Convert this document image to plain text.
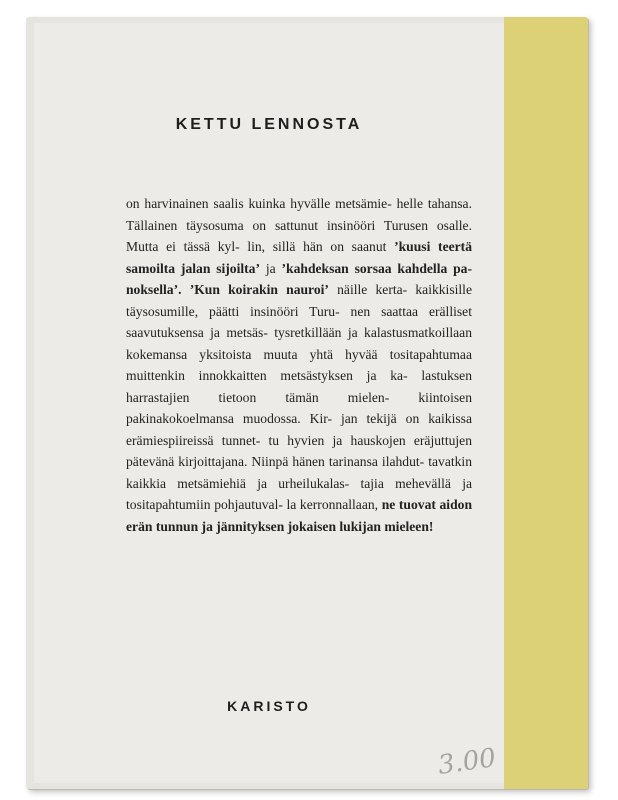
KETTU LENNOSTA
on harvinainen saalis kuinka hyvälle metsämie- helle tahansa. Tällainen täysosuma on sattunut insinööri Turusen osalle. Mutta ei tässä kyl- lin, sillä hän on saanut ’kuusi teertä samoilta jalan sijoilta’ ja ’kahdeksan sorsaa kahdella pa- noksella’. ’Kun koirakin nauroi’ näille kerta- kaikkisille täysosumille, päätti insinööri Turu- nen saattaa erälliset saavutuksensa ja metsäs- tysretkillään ja kalastusmatkoillaan kokemansa yksitoista muuta yhtä hyvää tositapahtumaa muittenkin innokkaitten metsästyksen ja ka- lastuksen harrastajien tietoon tämän mielen- kiintoisen pakinakokoelmansa muodossa. Kir- jan tekijä on kaikissa erämiespiireissä tunnet- tu hyvien ja hauskojen eräjuttujen pätevänä kirjoittajana. Niinpä hänen tarinansa ilahdut- tavatkin kaikkia metsämiehiä ja urheilukalas- tajia mehevällä ja tositapahtumiin pohjautuval- la kerronnallaan, ne tuovat aidon erän tunnun ja jännityksen jokaisen lukijan mieleen!
KARISTO
3.00
